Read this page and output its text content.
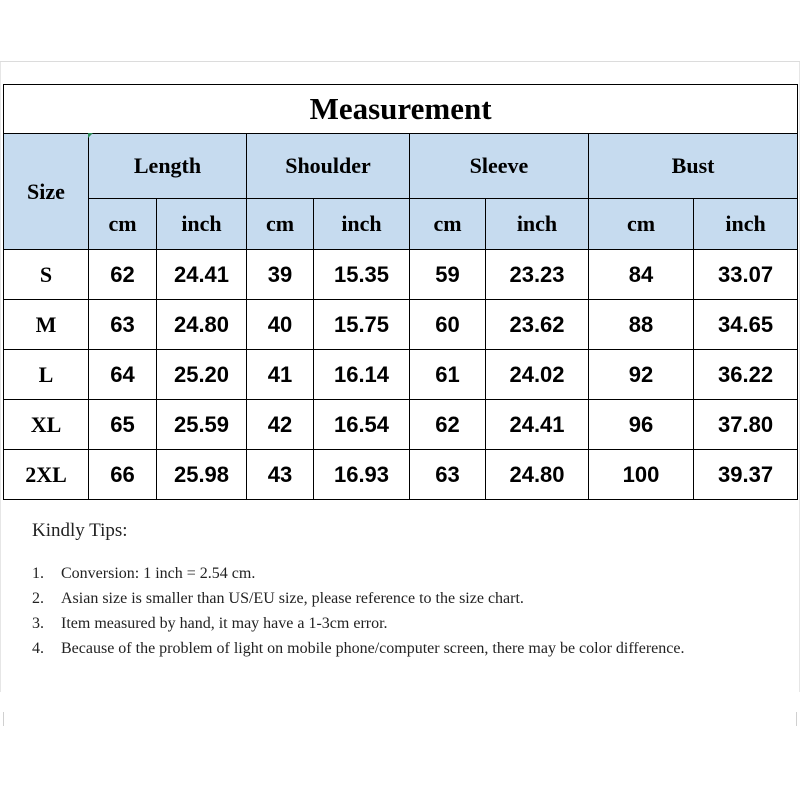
Measurement								
Size	Length		Shoulder		Sleeve		Bust	
	cm	inch	cm	inch	cm	inch	cm	inch
S	62	24.41	39	15.35	59	23.23	84	33.07
M	63	24.80	40	15.75	60	23.62	88	34.65
L	64	25.20	41	16.14	61	24.02	92	36.22
XL	65	25.59	42	16.54	62	24.41	96	37.80
2XL	66	25.98	43	16.93	63	24.80	100	39.37
Kindly Tips:
1. Conversion: 1 inch = 2.54 cm.
2. Asian size is smaller than US/EU size, please reference to the size chart.
3. Item measured by hand, it may have a 1-3cm error.
4. Because of the problem of light on mobile phone/computer screen, there may be color difference.
